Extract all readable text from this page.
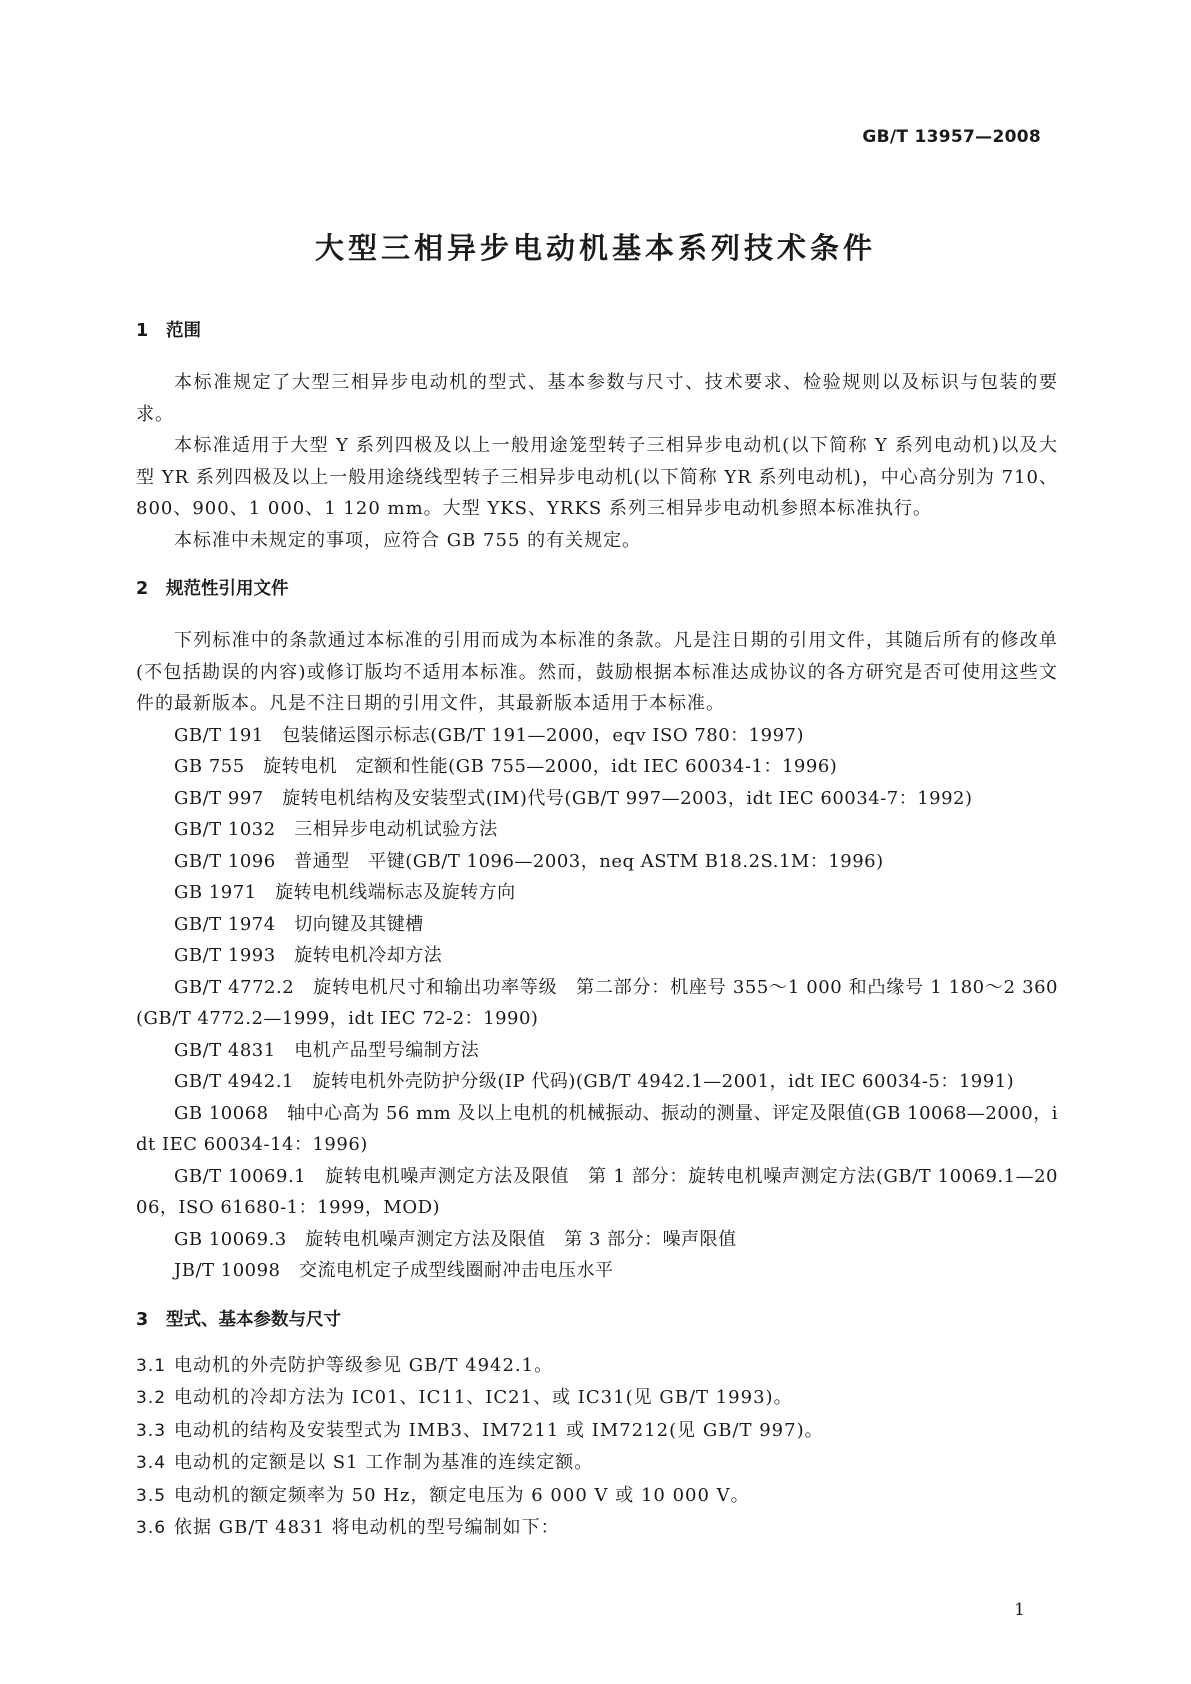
GB/T 13957—2008
大型三相异步电动机基本系列技术条件
1 范围

本标准规定了大型三相异步电动机的型式、基本参数与尺寸、技术要求、检验规则以及标识与包装的要求。

本标准适用于大型 Y 系列四极及以上一般用途笼型转子三相异步电动机(以下简称 Y 系列电动机)以及大型 YR 系列四极及以上一般用途绕线型转子三相异步电动机(以下简称 YR 系列电动机)，中心高分别为 710、800、900、1 000、1 120 mm。大型 YKS、YRKS 系列三相异步电动机参照本标准执行。

本标准中未规定的事项，应符合 GB 755 的有关规定。

2 规范性引用文件

下列标准中的条款通过本标准的引用而成为本标准的条款。凡是注日期的引用文件，其随后所有的修改单(不包括勘误的内容)或修订版均不适用本标准。然而，鼓励根据本标准达成协议的各方研究是否可使用这些文件的最新版本。凡是不注日期的引用文件，其最新版本适用于本标准。

GB/T 191　包装储运图示标志(GB/T 191—2000，eqv ISO 780：1997)

GB 755　旋转电机　定额和性能(GB 755—2000，idt IEC 60034-1：1996)

GB/T 997　旋转电机结构及安装型式(IM)代号(GB/T 997—2003，idt IEC 60034-7：1992)

GB/T 1032　三相异步电动机试验方法

GB/T 1096　普通型　平键(GB/T 1096—2003，neq ASTM B18.2S.1M：1996)

GB 1971　旋转电机线端标志及旋转方向

GB/T 1974　切向键及其键槽

GB/T 1993　旋转电机冷却方法

GB/T 4772.2　旋转电机尺寸和输出功率等级　第二部分：机座号 355～1 000 和凸缘号 1 180～2 360(GB/T 4772.2—1999，idt IEC 72-2：1990)

GB/T 4831　电机产品型号编制方法

GB/T 4942.1　旋转电机外壳防护分级(IP 代码)(GB/T 4942.1—2001，idt IEC 60034-5：1991)

GB 10068　轴中心高为 56 mm 及以上电机的机械振动、振动的测量、评定及限值(GB 10068—2000，idt IEC 60034-14：1996)

GB/T 10069.1　旋转电机噪声测定方法及限值　第 1 部分：旋转电机噪声测定方法(GB/T 10069.1—2006，ISO 61680-1：1999，MOD)

GB 10069.3　旋转电机噪声测定方法及限值　第 3 部分：噪声限值

JB/T 10098　交流电机定子成型线圈耐冲击电压水平

3 型式、基本参数与尺寸
3.1 电动机的外壳防护等级参见 GB/T 4942.1。
3.2 电动机的冷却方法为 IC01、IC11、IC21、或 IC31(见 GB/T 1993)。
3.3 电动机的结构及安装型式为 IMB3、IM7211 或 IM7212(见 GB/T 997)。
3.4 电动机的定额是以 S1 工作制为基准的连续定额。
3.5 电动机的额定频率为 50 Hz，额定电压为 6 000 V 或 10 000 V。
3.6 依据 GB/T 4831 将电动机的型号编制如下：
1
